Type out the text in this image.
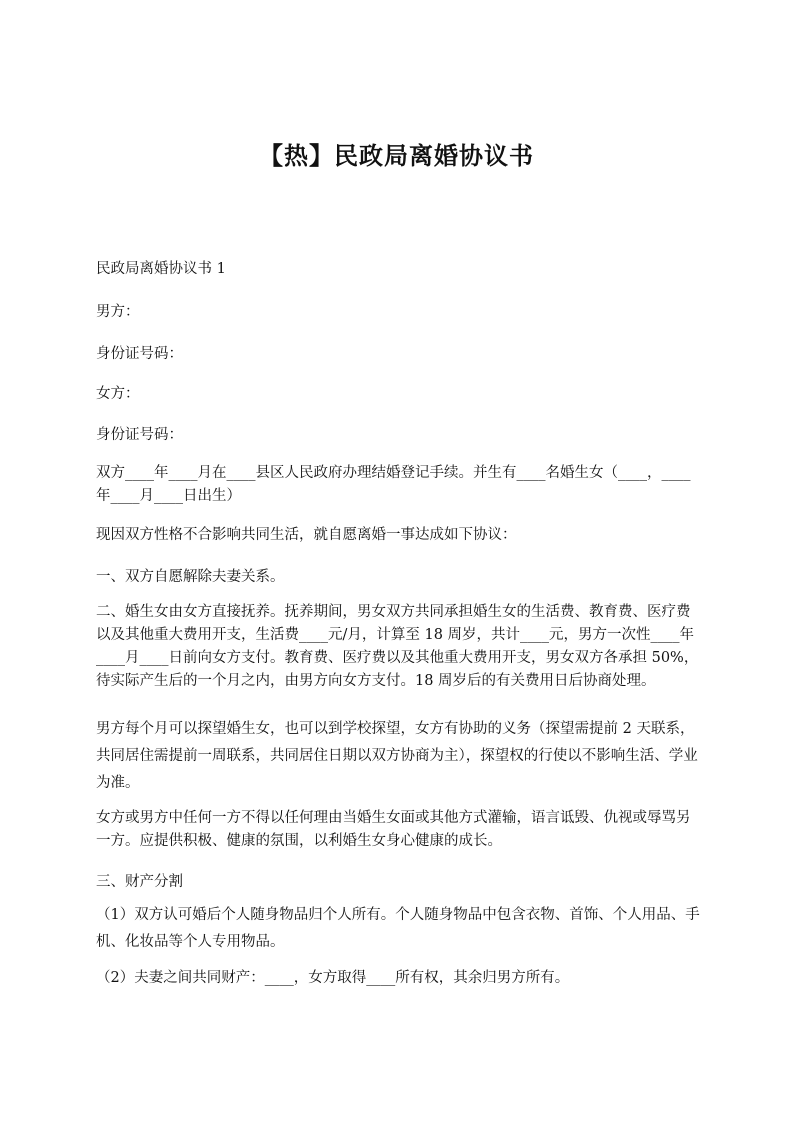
【热】民政局离婚协议书

民政局离婚协议书 1

男方：

身份证号码：

女方：

身份证号码：

双方____年____月在____县区人民政府办理结婚登记手续。并生有____名婚生女（____，____年____月____日出生）

现因双方性格不合影响共同生活，就自愿离婚一事达成如下协议：

一、双方自愿解除夫妻关系。

二、婚生女由女方直接抚养。抚养期间，男女双方共同承担婚生女的生活费、教育费、医疗费以及其他重大费用开支，生活费____元/月，计算至 18 周岁，共计____元，男方一次性____年____月____日前向女方支付。教育费、医疗费以及其他重大费用开支，男女双方各承担 50%，待实际产生后的一个月之内，由男方向女方支付。18 周岁后的有关费用日后协商处理。

男方每个月可以探望婚生女，也可以到学校探望，女方有协助的义务（探望需提前 2 天联系，共同居住需提前一周联系，共同居住日期以双方协商为主），探望权的行使以不影响生活、学业为准。

女方或男方中任何一方不得以任何理由当婚生女面或其他方式灌输，语言诋毁、仇视或辱骂另一方。应提供积极、健康的氛围，以利婚生女身心健康的成长。

三、财产分割

（1）双方认可婚后个人随身物品归个人所有。个人随身物品中包含衣物、首饰、个人用品、手机、化妆品等个人专用物品。

（2）夫妻之间共同财产：____，女方取得____所有权，其余归男方所有。
